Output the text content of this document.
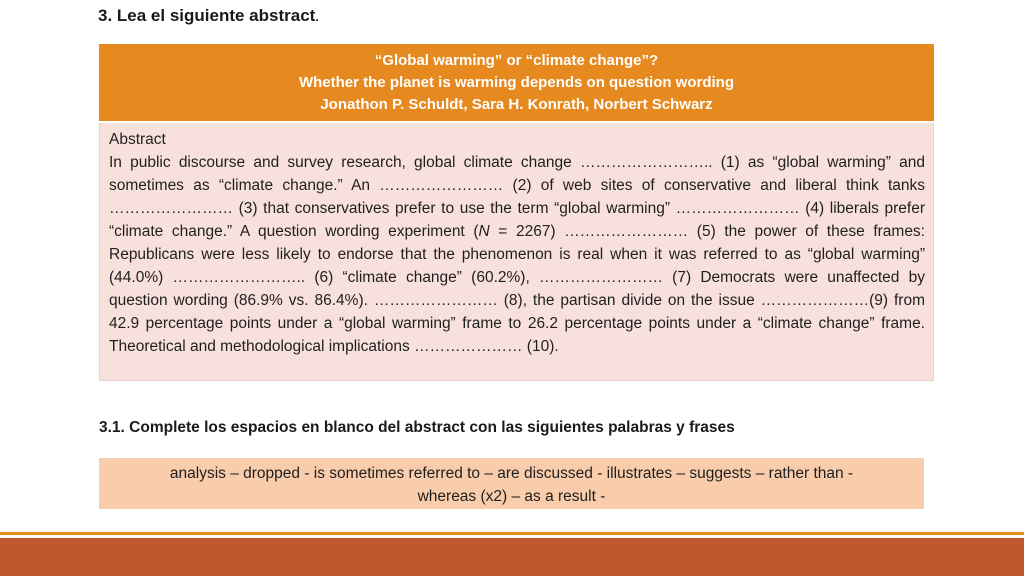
3. Lea el siguiente abstract.
“Global warming” or “climate change”?
Whether the planet is warming depends on question wording
Jonathon P. Schuldt, Sara H. Konrath, Norbert Schwarz
Abstract

In public discourse and survey research, global climate change …………………….. (1) as “global warming” and sometimes as “climate change.” An …………………… (2) of web sites of conservative and liberal think tanks …………………… (3) that conservatives prefer to use the term “global warming” …………………… (4) liberals prefer “climate change.” A question wording experiment (N = 2267) …………………… (5) the power of these frames: Republicans were less likely to endorse that the phenomenon is real when it was referred to as “global warming” (44.0%) …………………….. (6) “climate change” (60.2%), …………………… (7) Democrats were unaffected by question wording (86.9% vs. 86.4%). …………………… (8), the partisan divide on the issue …………………(9) from 42.9 percentage points under a “global warming” frame to 26.2 percentage points under a “climate change” frame. Theoretical and methodological implications ………………… (10).

3.1. Complete los espacios en blanco del abstract con las siguientes palabras y frases
analysis – dropped - is sometimes referred to – are discussed - illustrates – suggests – rather than -
whereas (x2) – as a result -
